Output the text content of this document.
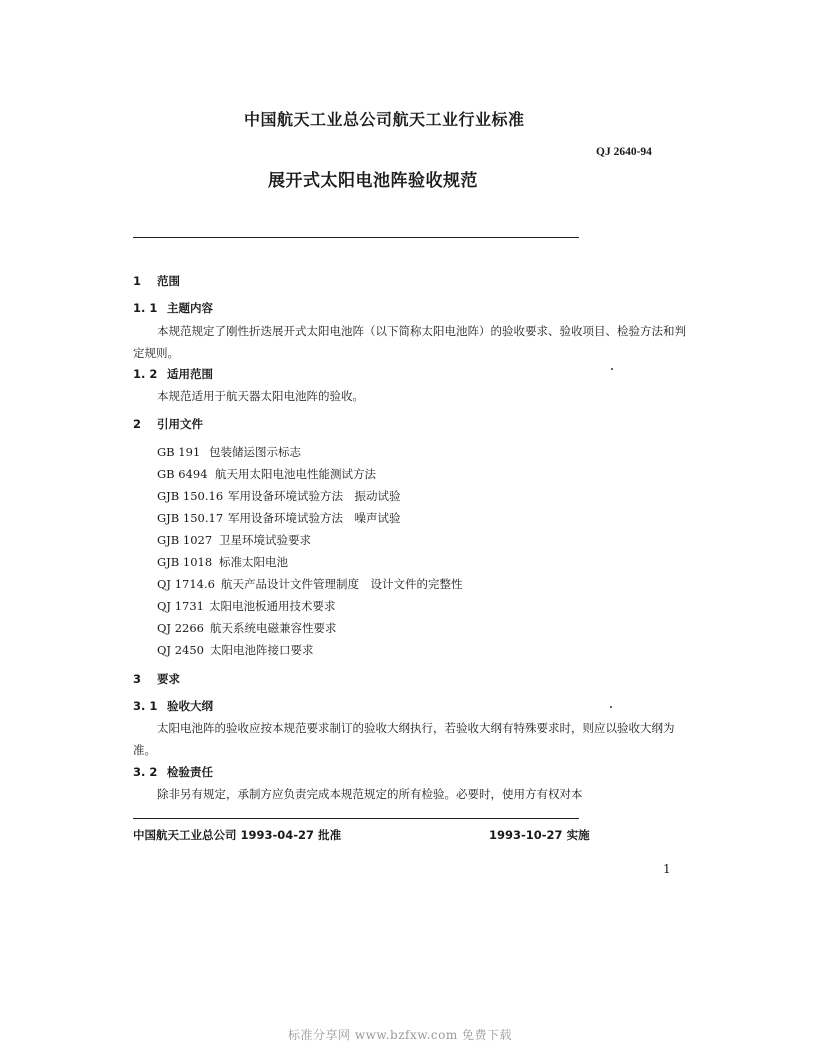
中国航天工业总公司航天工业行业标准
QJ 2640-94
展开式太阳电池阵验收规范
1 范围
1. 1 主题内容
本规范规定了刚性折迭展开式太阳电池阵（以下简称太阳电池阵）的验收要求、验收项目、检验方法和判
定规则。
1. 2 适用范围
本规范适用于航天器太阳电池阵的验收。
2 引用文件
GB 191 包装储运图示标志
GB 6494 航天用太阳电池电性能测试方法
GJB 150.16 军用设备环境试验方法　振动试验
GJB 150.17 军用设备环境试验方法　噪声试验
GJB 1027 卫星环境试验要求
GJB 1018 标准太阳电池
QJ 1714.6 航天产品设计文件管理制度　设计文件的完整性
QJ 1731 太阳电池板通用技术要求
QJ 2266 航天系统电磁兼容性要求
QJ 2450 太阳电池阵接口要求
3 要求
3. 1 验收大纲
太阳电池阵的验收应按本规范要求制订的验收大纲执行，若验收大纲有特殊要求时，则应以验收大纲为
准。
3. 2 检验责任
除非另有规定，承制方应负责完成本规范规定的所有检验。必要时，使用方有权对本
中国航天工业总公司 1993-04-27 批准	1993-10-27 实施
1
标准分享网 www.bzfxw.com 免费下载
